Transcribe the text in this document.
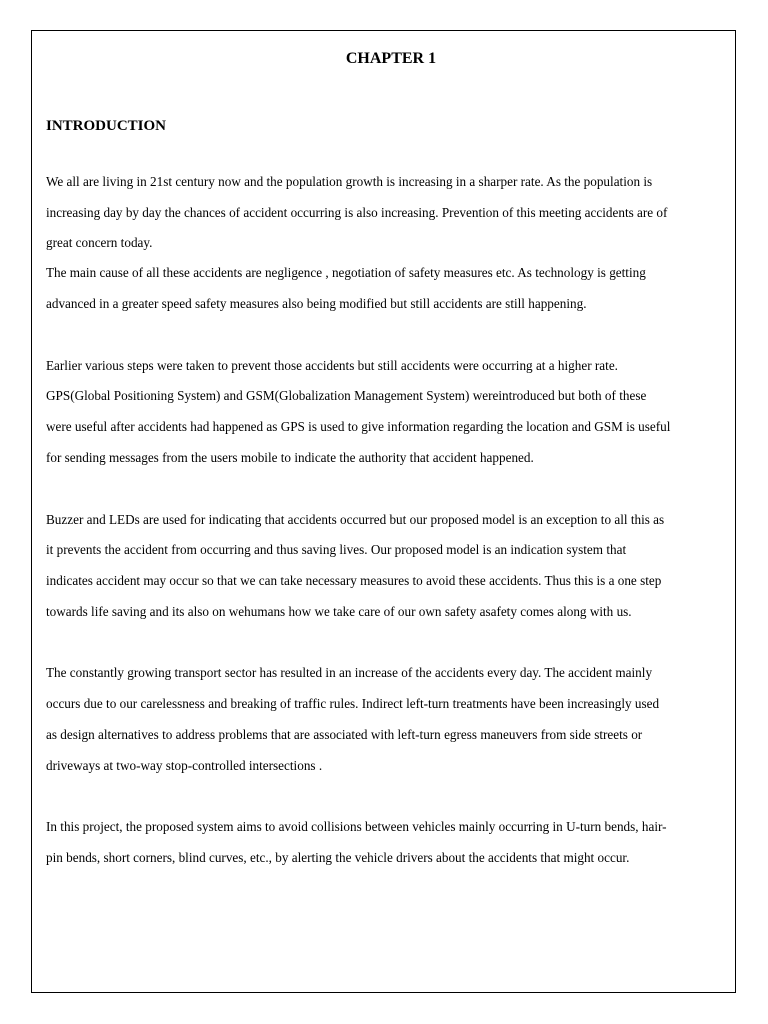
CHAPTER 1
INTRODUCTION

We all are living in 21st century now and the population growth is increasing in a sharper rate. As the population is

increasing day by day the chances of accident occurring is also increasing. Prevention of this meeting accidents are of

great concern today.

The main cause of all these accidents are negligence , negotiation of safety measures etc. As technology is getting

advanced in a greater speed safety measures also being modified but still accidents are still happening.

Earlier various steps were taken to prevent those accidents but still accidents were occurring at a higher rate.

GPS(Global Positioning System) and GSM(Globalization Management System) wereintroduced but both of these

were useful after accidents had happened as GPS is used to give information regarding the location and GSM is useful

for sending messages from the users mobile to indicate the authority that accident happened.

Buzzer and LEDs are used for indicating that accidents occurred but our proposed model is an exception to all this as

it prevents the accident from occurring and thus saving lives. Our proposed model is an indication system that

indicates accident may occur so that we can take necessary measures to avoid these accidents. Thus this is a one step

towards life saving and its also on wehumans how we take care of our own safety asafety comes along with us.

The constantly growing transport sector has resulted in an increase of the accidents every day. The accident mainly

occurs due to our carelessness and breaking of traffic rules. Indirect left-turn treatments have been increasingly used

as design alternatives to address problems that are associated with left-turn egress maneuvers from side streets or

driveways at two-way stop-controlled intersections .

In this project, the proposed system aims to avoid collisions between vehicles mainly occurring in U-turn bends, hair-

pin bends, short corners, blind curves, etc., by alerting the vehicle drivers about the accidents that might occur.
